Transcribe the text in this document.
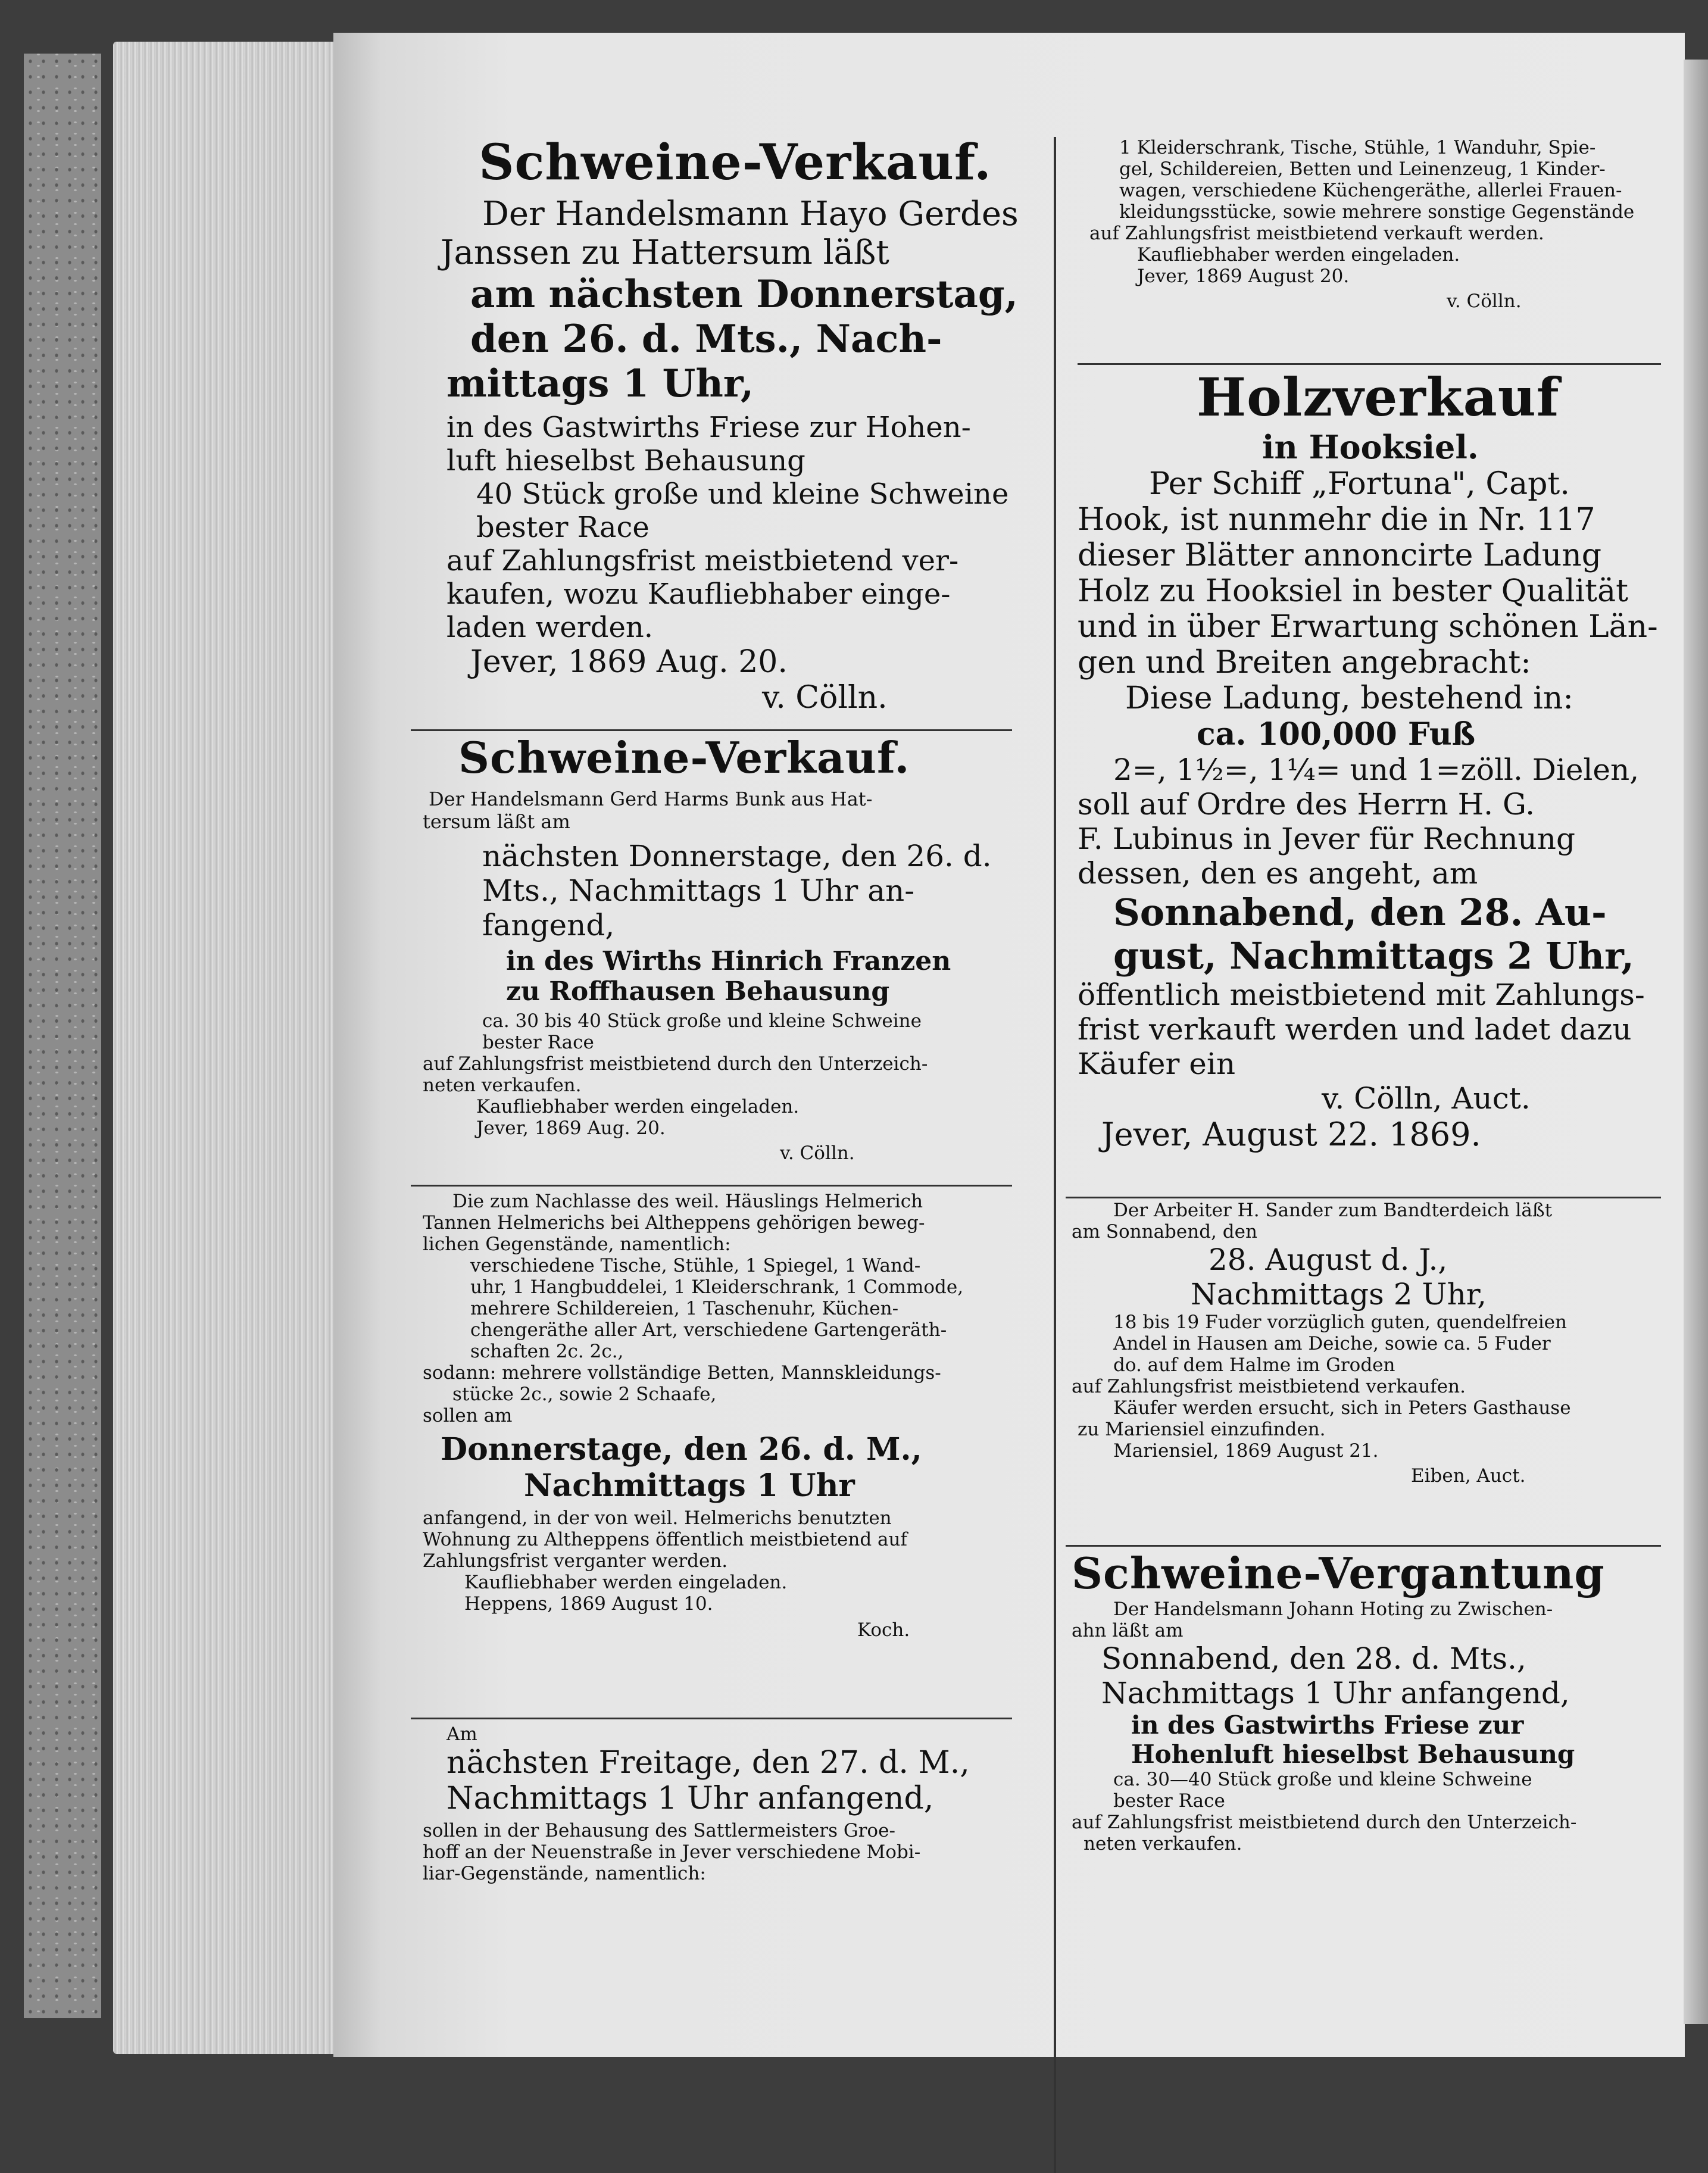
Schweine-Verkauf.

Der Handelsmann Hayo Gerdes

Janssen zu Hattersum läßt

am nächsten Donnerstag,

den 26. d. Mts., Nach-

mittags 1 Uhr,

in des Gastwirths Friese zur Hohen-

luft hieselbst Behausung

40 Stück große und kleine Schweine

bester Race

auf Zahlungsfrist meistbietend ver-

kaufen, wozu Kaufliebhaber einge-

laden werden.

Jever, 1869 Aug. 20.

v. Cölln.

Schweine-Verkauf.

Der Handelsmann Gerd Harms Bunk aus Hat-

tersum läßt am

nächsten Donnerstage, den 26. d.

Mts., Nachmittags 1 Uhr an-

fangend,

in des Wirths Hinrich Franzen

zu Roffhausen Behausung

ca. 30 bis 40 Stück große und kleine Schweine

bester Race

auf Zahlungsfrist meistbietend durch den Unterzeich-

neten verkaufen.

Kaufliebhaber werden eingeladen.

Jever, 1869 Aug. 20.

v. Cölln.

Die zum Nachlasse des weil. Häuslings Helmerich

Tannen Helmerichs bei Altheppens gehörigen beweg-

lichen Gegenstände, namentlich:

verschiedene Tische, Stühle, 1 Spiegel, 1 Wand-

uhr, 1 Hangbuddelei, 1 Kleiderschrank, 1 Commode,

mehrere Schildereien, 1 Taschenuhr, Küchen-

chengeräthe aller Art, verschiedene Gartengeräth-

schaften 2c. 2c.,

sodann: mehrere vollständige Betten, Mannskleidungs-

stücke 2c., sowie 2 Schaafe,

sollen am

Donnerstage, den 26. d. M.,

Nachmittags 1 Uhr

anfangend, in der von weil. Helmerichs benutzten

Wohnung zu Altheppens öffentlich meistbietend auf

Zahlungsfrist verganter werden.

Kaufliebhaber werden eingeladen.

Heppens, 1869 August 10.

Koch.

Am

nächsten Freitage, den 27. d. M.,

Nachmittags 1 Uhr anfangend,

sollen in der Behausung des Sattlermeisters Groe-

hoff an der Neuenstraße in Jever verschiedene Mobi-

liar-Gegenstände, namentlich:

1 Kleiderschrank, Tische, Stühle, 1 Wanduhr, Spie-

gel, Schildereien, Betten und Leinenzeug, 1 Kinder-

wagen, verschiedene Küchengeräthe, allerlei Frauen-

kleidungsstücke, sowie mehrere sonstige Gegenstände

auf Zahlungsfrist meistbietend verkauft werden.

Kaufliebhaber werden eingeladen.

Jever, 1869 August 20.

v. Cölln.

Holzverkauf

in Hooksiel.

Per Schiff „Fortuna", Capt.

Hook, ist nunmehr die in Nr. 117

dieser Blätter annoncirte Ladung

Holz zu Hooksiel in bester Qualität

und in über Erwartung schönen Län-

gen und Breiten angebracht:

Diese Ladung, bestehend in:

ca. 100,000 Fuß

2=, 1½=, 1¼= und 1=zöll. Dielen,

soll auf Ordre des Herrn H. G.

F. Lubinus in Jever für Rechnung

dessen, den es angeht, am

Sonnabend, den 28. Au-

gust, Nachmittags 2 Uhr,

öffentlich meistbietend mit Zahlungs-

frist verkauft werden und ladet dazu

Käufer ein

v. Cölln, Auct.

Jever, August 22. 1869.

Der Arbeiter H. Sander zum Bandterdeich läßt

am Sonnabend, den

28. August d. J.,

Nachmittags 2 Uhr,

18 bis 19 Fuder vorzüglich guten, quendelfreien

Andel in Hausen am Deiche, sowie ca. 5 Fuder

do. auf dem Halme im Groden

auf Zahlungsfrist meistbietend verkaufen.

Käufer werden ersucht, sich in Peters Gasthause

zu Mariensiel einzufinden.

Mariensiel, 1869 August 21.

Eiben, Auct.

Schweine-Vergantung

Der Handelsmann Johann Hoting zu Zwischen-

ahn läßt am

Sonnabend, den 28. d. Mts.,

Nachmittags 1 Uhr anfangend,

in des Gastwirths Friese zur

Hohenluft hieselbst Behausung

ca. 30—40 Stück große und kleine Schweine

bester Race

auf Zahlungsfrist meistbietend durch den Unterzeich-

neten verkaufen.
